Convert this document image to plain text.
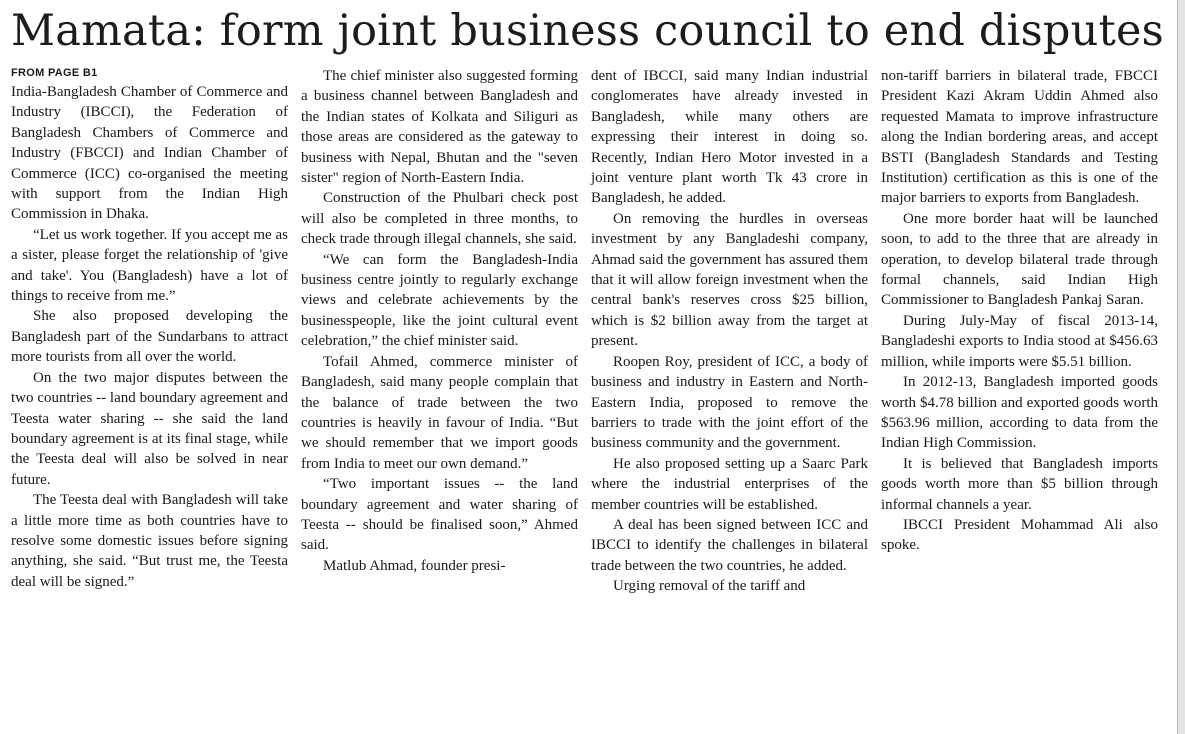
Mamata: form joint business council to end disputes
FROM PAGE B1

India-Bangladesh Chamber of Commerce and Industry (IBCCI), the Federation of Bangladesh Chambers of Commerce and Industry (FBCCI) and Indian Chamber of Commerce (ICC) co-organised the meeting with support from the Indian High Commission in Dhaka.

“Let us work together. If you accept me as a sister, please forget the relationship of 'give and take'. You (Bangladesh) have a lot of things to receive from me.”

She also proposed developing the Bangladesh part of the Sundarbans to attract more tourists from all over the world.

On the two major disputes between the two countries -- land boundary agreement and Teesta water sharing -- she said the land boundary agreement is at its final stage, while the Teesta deal will also be solved in near future.

The Teesta deal with Bangladesh will take a little more time as both countries have to resolve some domestic issues before signing anything, she said. “But trust me, the Teesta deal will be signed.”

The chief minister also suggested forming a business channel between Bangladesh and the Indian states of Kolkata and Siliguri as those areas are considered as the gateway to business with Nepal, Bhutan and the "seven sister" region of North-Eastern India.

Construction of the Phulbari check post will also be completed in three months, to check trade through illegal channels, she said.

“We can form the Bangladesh-India business centre jointly to regularly exchange views and celebrate achievements by the businesspeople, like the joint cultural event celebration,” the chief minister said.

Tofail Ahmed, commerce minister of Bangladesh, said many people complain that the balance of trade between the two countries is heavily in favour of India. “But we should remember that we import goods from India to meet our own demand.”

“Two important issues -- the land boundary agreement and water sharing of Teesta -- should be finalised soon,” Ahmed said.

Matlub Ahmad, founder presi-

dent of IBCCI, said many Indian industrial conglomerates have already invested in Bangladesh, while many others are expressing their interest in doing so. Recently, Indian Hero Motor invested in a joint venture plant worth Tk 43 crore in Bangladesh, he added.

On removing the hurdles in overseas investment by any Bangladeshi company, Ahmad said the government has assured them that it will allow foreign investment when the central bank's reserves cross $25 billion, which is $2 billion away from the target at present.

Roopen Roy, president of ICC, a body of business and industry in Eastern and North-Eastern India, proposed to remove the barriers to trade with the joint effort of the business community and the government.

He also proposed setting up a Saarc Park where the industrial enterprises of the member countries will be established.

A deal has been signed between ICC and IBCCI to identify the challenges in bilateral trade between the two countries, he added.

Urging removal of the tariff and

non-tariff barriers in bilateral trade, FBCCI President Kazi Akram Uddin Ahmed also requested Mamata to improve infrastructure along the Indian bordering areas, and accept BSTI (Bangladesh Standards and Testing Institution) certification as this is one of the major barriers to exports from Bangladesh.

One more border haat will be launched soon, to add to the three that are already in operation, to develop bilateral trade through formal channels, said Indian High Commissioner to Bangladesh Pankaj Saran.

During July-May of fiscal 2013-14, Bangladeshi exports to India stood at $456.63 million, while imports were $5.51 billion.

In 2012-13, Bangladesh imported goods worth $4.78 billion and exported goods worth $563.96 million, according to data from the Indian High Commission.

It is believed that Bangladesh imports goods worth more than $5 billion through informal channels a year.

IBCCI President Mohammad Ali also spoke.
